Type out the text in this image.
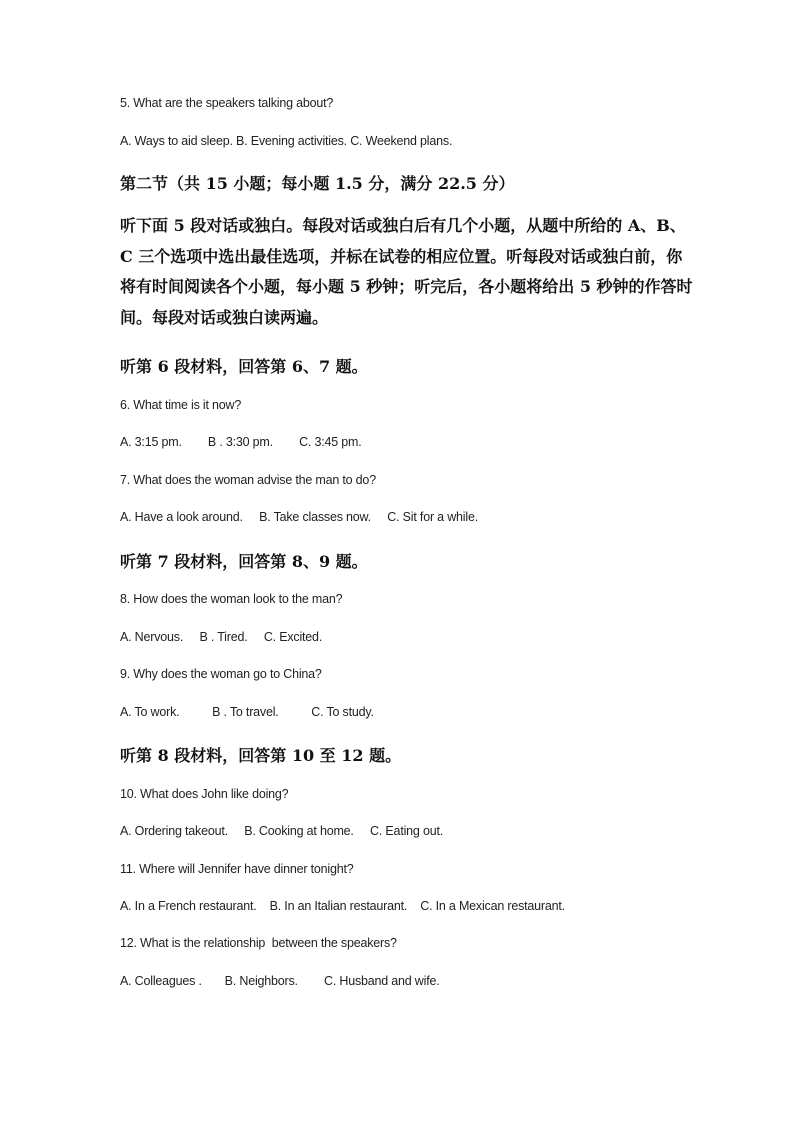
5. What are the speakers talking about?
A. Ways to aid sleep. B. Evening activities. C. Weekend plans.
第二节（共 15 小题；每小题 1.5 分，满分 22.5 分）

听下面 5 段对话或独白。每段对话或独白后有几个小题，从题中所给的 A、B、C 三个选项中选出最佳选项，并标在试卷的相应位置。听每段对话或独白前，你将有时间阅读各个小题，每小题 5 秒钟；听完后，各小题将给出 5 秒钟的作答时间。每段对话或独白读两遍。

听第 6 段材料，回答第 6、7 题。
6. What time is it now?
A. 3:15 pm.        B . 3:30 pm.        C. 3:45 pm.
7. What does the woman advise the man to do?
A. Have a look around.     B. Take classes now.     C. Sit for a while.
听第 7 段材料，回答第 8、9 题。
8. How does the woman look to the man?
A. Nervous.     B . Tired.     C. Excited.
9. Why does the woman go to China?
A. To work.          B . To travel.          C. To study.
听第 8 段材料，回答第 10 至 12 题。
10. What does John like doing?
A. Ordering takeout.     B. Cooking at home.     C. Eating out.
11. Where will Jennifer have dinner tonight?
A. In a French restaurant.    B. In an Italian restaurant.    C. In a Mexican restaurant.
12. What is the relationship  between the speakers?
A. Colleagues .       B. Neighbors.        C. Husband and wife.
